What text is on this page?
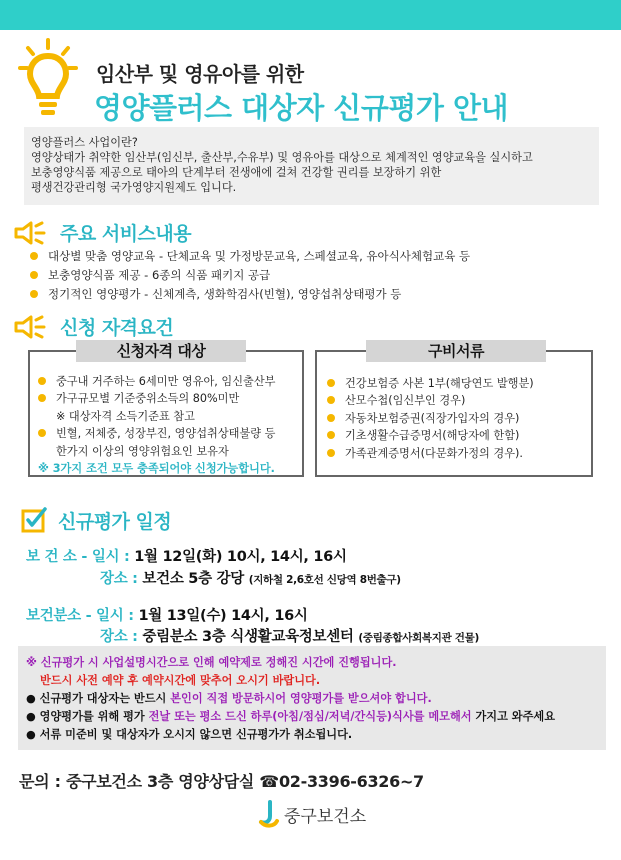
임산부 및 영유아를 위한
영양플러스 대상자 신규평가 안내
영양플러스 사업이란?
영양상태가 취약한 임산부(임신부, 출산부,수유부) 및 영유아를 대상으로 체계적인 영양교육을 실시하고
보충영양식품 제공으로 태아의 단계부터 전생애에 걸쳐 건강할 권리를 보장하기 위한
평생건강관리형 국가영양지원제도 입니다.
주요 서비스내용
대상별 맞춤 영양교육 - 단체교육 및 가정방문교육, 스페셜교육, 유아식사체험교육 등
보충영양식품 제공 - 6종의 식품 패키지 공급
정기적인 영양평가 - 신체계측, 생화학검사(빈혈), 영양섭취상태평가 등
신청 자격요건
중구내 거주하는 6세미만 영유아, 임신출산부
가구규모별 기준중위소득의 80%미만
※ 대상자격 소득기준표 참고
빈혈, 저체중, 성장부진, 영양섭취상태불량 등
한가지 이상의 영양위험요인 보유자
※ 3가지 조건 모두 충족되어야 신청가능합니다.
신청자격 대상
건강보험증 사본 1부(해당연도 발행분)
산모수첩(임신부인 경우)
자동차보험증권(직장가입자의 경우)
기초생활수급증명서(해당자에 한함)
가족관계증명서(다문화가정의 경우).
구비서류
신규평가 일정
보 건 소 - 일시 : 1월 12일(화) 10시, 14시, 16시
장소 : 보건소 5층 강당 (지하철 2,6호선 신당역 8번출구)
보건분소 - 일시 : 1월 13일(수) 14시, 16시
장소 : 중림분소 3층 식생활교육정보센터 (중림종합사회복지관 건물)
※ 신규평가 시 사업설명시간으로 인해 예약제로 정해진 시간에 진행됩니다.
반드시 사전 예약 후 예약시간에 맞추어 오시기 바랍니다.
● 신규평가 대상자는 반드시 본인이 직접 방문하시어 영양평가를 받으셔야 합니다.
● 영양평가를 위해 평가 전날 또는 평소 드신 하루(아침/점심/저녁/간식등)식사를 메모해서 가지고 와주세요
● 서류 미준비 및 대상자가 오시지 않으면 신규평가가 취소됩니다.
문의 : 중구보건소 3층 영양상담실 ☎02-3396-6326~7
중구보건소
